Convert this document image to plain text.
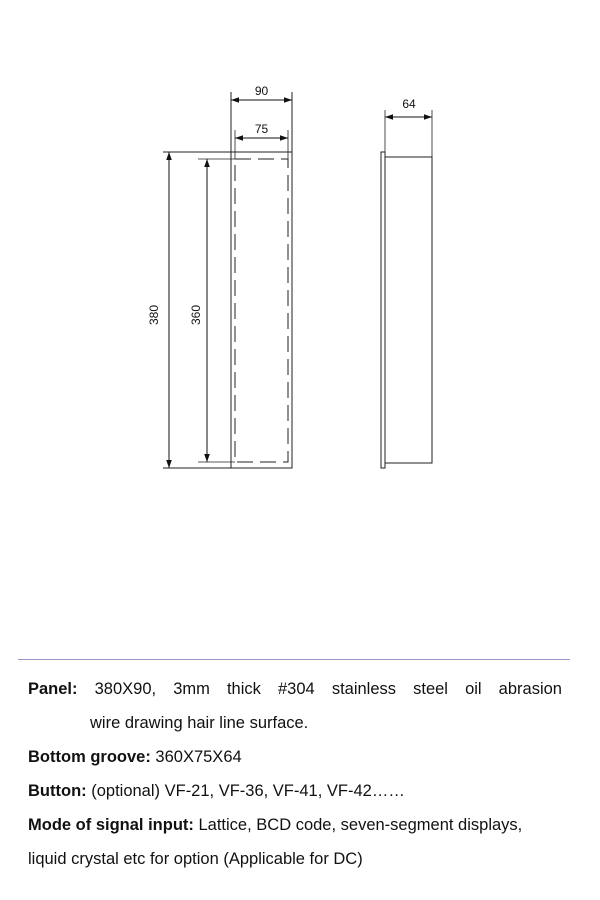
90
75
380 360
64
Panel: 380X90, 3mm thick #304 stainless steel oil abrasion
wire drawing hair line surface.
Bottom groove: 360X75X64
Button: (optional) VF-21, VF-36, VF-41, VF-42……
Mode of signal input: Lattice, BCD code, seven-segment displays,
liquid crystal etc for option (Applicable for DC)
